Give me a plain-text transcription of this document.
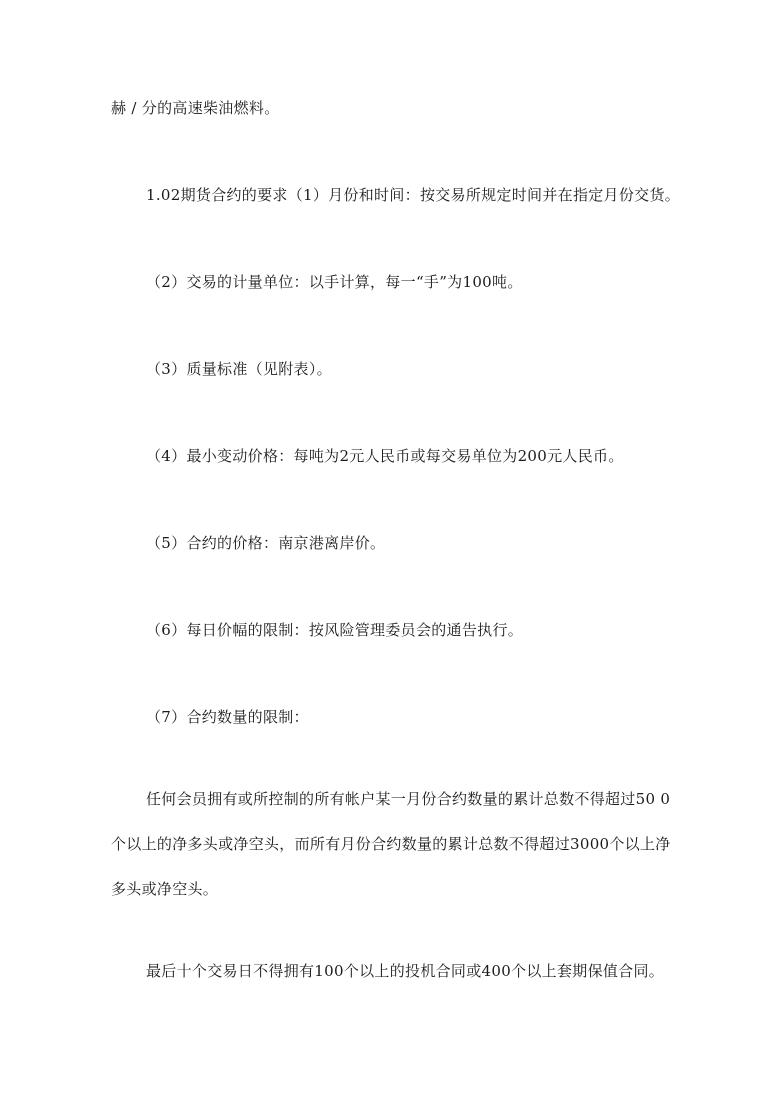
赫 / 分的高速柴油燃料。

1.02期货合约的要求（1）月份和时间：按交易所规定时间并在指定月份交货。

（2）交易的计量单位：以手计算，每一“手”为100吨。

（3）质量标准（见附表）。

（4）最小变动价格：每吨为2元人民币或每交易单位为200元人民币。

（5）合约的价格：南京港离岸价。

（6）每日价幅的限制：按风险管理委员会的通告执行。

（7）合约数量的限制：

任何会员拥有或所控制的所有帐户某一月份合约数量的累计总数不得超过50 0
个以上的净多头或净空头，而所有月份合约数量的累计总数不得超过3000个以上净
多头或净空头。

最后十个交易日不得拥有100个以上的投机合同或400个以上套期保值合同。
